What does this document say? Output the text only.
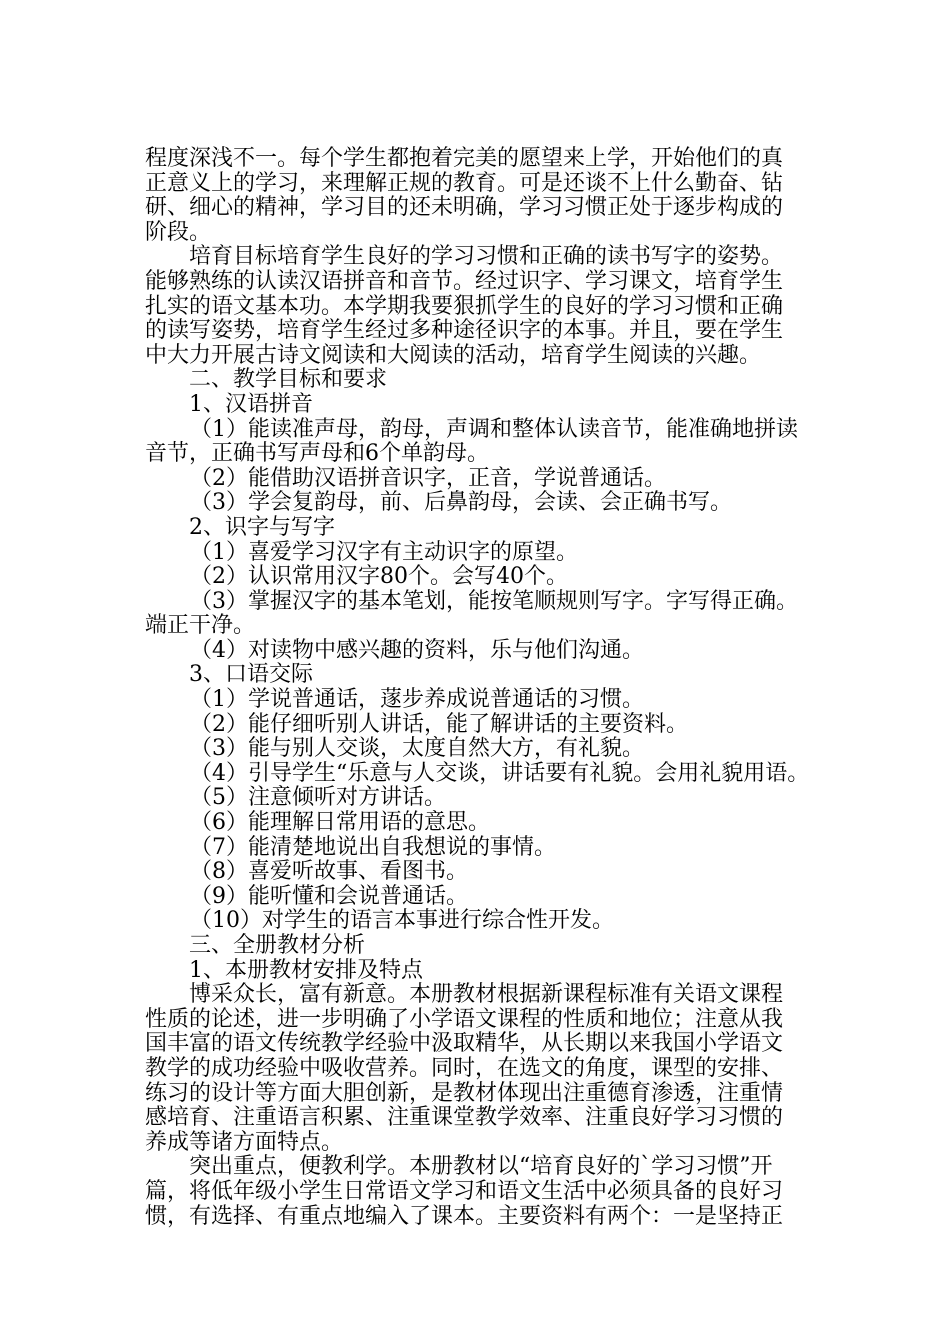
程度深浅不一。每个学生都抱着完美的愿望来上学，开始他们的真
正意义上的学习，来理解正规的教育。可是还谈不上什么勤奋、钻
研、细心的精神，学习目的还未明确，学习习惯正处于逐步构成的
阶段。
培育目标培育学生良好的学习习惯和正确的读书写字的姿势。
能够熟练的认读汉语拼音和音节。经过识字、学习课文，培育学生
扎实的语文基本功。本学期我要狠抓学生的良好的学习习惯和正确
的读写姿势，培育学生经过多种途径识字的本事。并且，要在学生
中大力开展古诗文阅读和大阅读的活动，培育学生阅读的兴趣。
二、教学目标和要求
1、汉语拼音
（1）能读准声母，韵母，声调和整体认读音节，能准确地拼读
音节，正确书写声母和6个单韵母。
（2）能借助汉语拼音识字，正音，学说普通话。
（3）学会复韵母，前、后鼻韵母，会读、会正确书写。
2、识字与写字
（1）喜爱学习汉字有主动识字的原望。
（2）认识常用汉字80个。会写40个。
（3）掌握汉字的基本笔划，能按笔顺规则写字。字写得正确。
端正干净。
（4）对读物中感兴趣的资料，乐与他们沟通。
3、口语交际
（1）学说普通话，蓫步养成说普通话的习惯。
（2）能仔细听别人讲话，能了解讲话的主要资料。
（3）能与别人交谈，太度自然大方，有礼貌。
（4）引导学生“乐意与人交谈，讲话要有礼貌。会用礼貌用语。
（5）注意倾听对方讲话。
（6）能理解日常用语的意思。
（7）能清楚地说出自我想说的事情。
（8）喜爱听故事、看图书。
（9）能听懂和会说普通话。
（10）对学生的语言本事进行综合性开发。
三、全册教材分析
1、本册教材安排及特点
博采众长，富有新意。本册教材根据新课程标准有关语文课程
性质的论述，进一步明确了小学语文课程的性质和地位；注意从我
国丰富的语文传统教学经验中汲取精华，从长期以来我国小学语文
教学的成功经验中吸收营养。同时，在选文的角度，课型的安排、
练习的设计等方面大胆创新，是教材体现出注重德育渗透，注重情
感培育、注重语言积累、注重课堂教学效率、注重良好学习习惯的
养成等诸方面特点。
突出重点，便教利学。本册教材以“培育良好的`学习习惯”开
篇，将低年级小学生日常语文学习和语文生活中必须具备的良好习
惯，有选择、有重点地编入了课本。主要资料有两个：一是坚持正
